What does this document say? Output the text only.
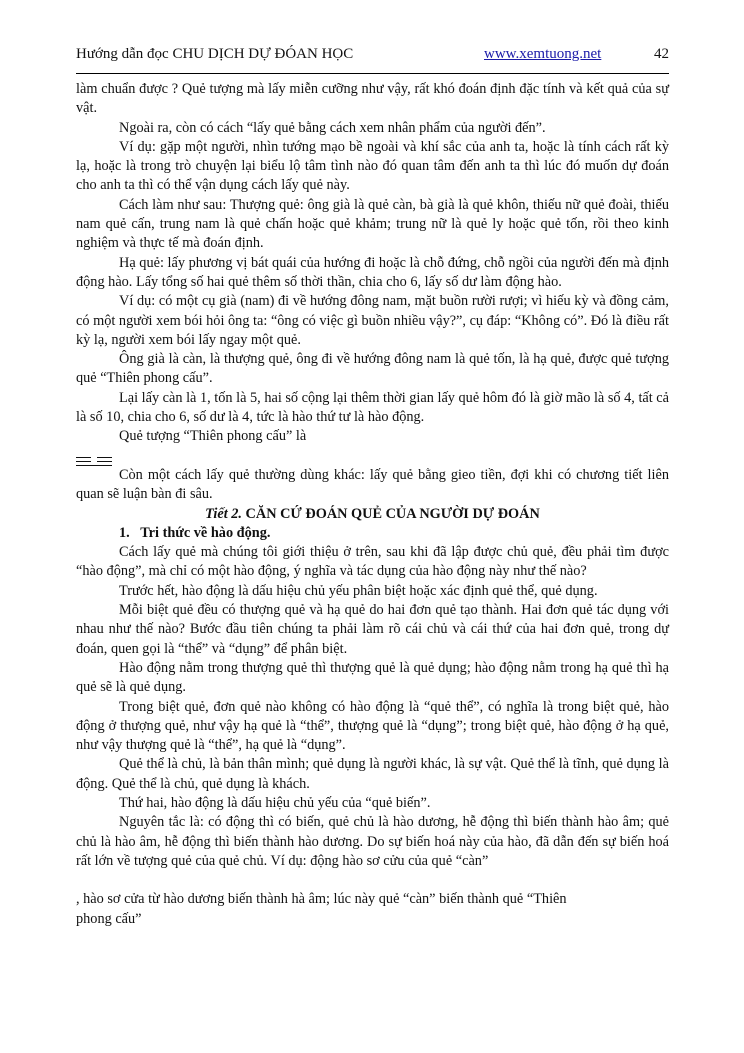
Hướng dẫn đọc CHU DỊCH DỰ ĐÓAN HỌC	www.xemtuong.net	42

làm chuẩn được ? Quẻ tượng mà lấy miễn cưỡng như vậy, rất khó đoán định đặc tính và kết quả của sự vật.

Ngoài ra, còn có cách “lấy quẻ bằng cách xem nhân phẩm của người đến”.

Ví dụ: gặp một người, nhìn tướng mạo bề ngoài và khí sắc của anh ta, hoặc là tính cách rất kỳ lạ, hoặc là trong trò chuyện lại biểu lộ tâm tình nào đó quan tâm đến anh ta thì lúc đó muốn dự đoán cho anh ta thì có thể vận dụng cách lấy quẻ này.

Cách làm như sau: Thượng quẻ: ông già là quẻ càn, bà già là quẻ khôn, thiếu nữ quẻ đoài, thiếu nam quẻ cấn, trung nam là quẻ chấn hoặc quẻ khảm; trung nữ là quẻ ly hoặc quẻ tốn, rồi theo kinh nghiệm và thực tế mà đoán định.

Hạ quẻ: lấy phương vị bát quái của hướng đi hoặc là chỗ đứng, chỗ ngồi của người đến mà định động hào. Lấy tổng số hai quẻ thêm số thời thần, chia cho 6, lấy số dư làm động hào.

Ví dụ: có một cụ già (nam) đi về hướng đông nam, mặt buồn rười rượi; vì hiếu kỳ và đồng cảm, có một người xem bói hỏi ông ta: “ông có việc gì buồn nhiều vậy?”, cụ đáp: “Không có”. Đó là điều rất kỳ lạ, người xem bói lấy ngay một quẻ.

Ông già là càn, là thượng quẻ, ông đi về hướng đông nam là quẻ tốn, là hạ quẻ, được quẻ tượng quẻ “Thiên phong cấu”.

Lại lấy càn là 1, tốn là 5, hai số cộng lại thêm thời gian lấy quẻ hôm đó là giờ mão là số 4, tất cả là số 10, chia cho 6, số dư là 4, tức là hào thứ tư là hào động.

Quẻ tượng “Thiên phong cấu” là

Còn một cách lấy quẻ thường dùng khác: lấy quẻ bằng gieo tiền, đợi khi có chương tiết liên quan sẽ luận bàn đi sâu.

Tiết 2. CĂN CỨ ĐOÁN QUẺ CỦA NGƯỜI DỰ ĐOÁN

1. Tri thức về hào động.

Cách lấy quẻ mà chúng tôi giới thiệu ở trên, sau khi đã lập được chủ quẻ, đều phải tìm được “hào động”, mà chỉ có một hào động, ý nghĩa và tác dụng của hào động này như thế nào?

Trước hết, hào động là dấu hiệu chủ yếu phân biệt hoặc xác định quẻ thể, quẻ dụng.

Mỗi biệt quẻ đều có thượng quẻ và hạ quẻ do hai đơn quẻ tạo thành. Hai đơn quẻ tác dụng với nhau như thế nào? Bước đầu tiên chúng ta phải làm rõ cái chủ và cái thứ của hai đơn quẻ, trong dự đoán, quen gọi là “thể” và “dụng” để phân biệt.

Hào động nằm trong thượng quẻ thì thượng quẻ là quẻ dụng; hào động nằm trong hạ quẻ thì hạ quẻ sẽ là quẻ dụng.

Trong biệt quẻ, đơn quẻ nào không có hào động là “quẻ thể”, có nghĩa là trong biệt quẻ, hào động ở thượng quẻ, như vậy hạ quẻ là “thể”, thượng quẻ là “dụng”; trong biệt quẻ, hào động ở hạ quẻ, như vậy thượng quẻ là “thể”, hạ quẻ là “dụng”.

Quẻ thể là chủ, là bản thân mình; quẻ dụng là người khác, là sự vật. Quẻ thể là tĩnh, quẻ dụng là động. Quẻ thể là chủ, quẻ dụng là khách.

Thứ hai, hào động là dấu hiệu chủ yếu của “quẻ biến”.

Nguyên tắc là: có động thì có biến, quẻ chủ là hào dương, hễ động thì biến thành hào âm; quẻ chủ là hào âm, hễ động thì biến thành hào dương. Do sự biến hoá này của hào, đã dẫn đến sự biến hoá rất lớn về tượng quẻ của quẻ chủ. Ví dụ: động hào sơ cửu của quẻ “càn”

, hào sơ cửa từ hào dương biến thành hà âm; lúc này quẻ “càn” biến thành quẻ “Thiên

phong cấu”
